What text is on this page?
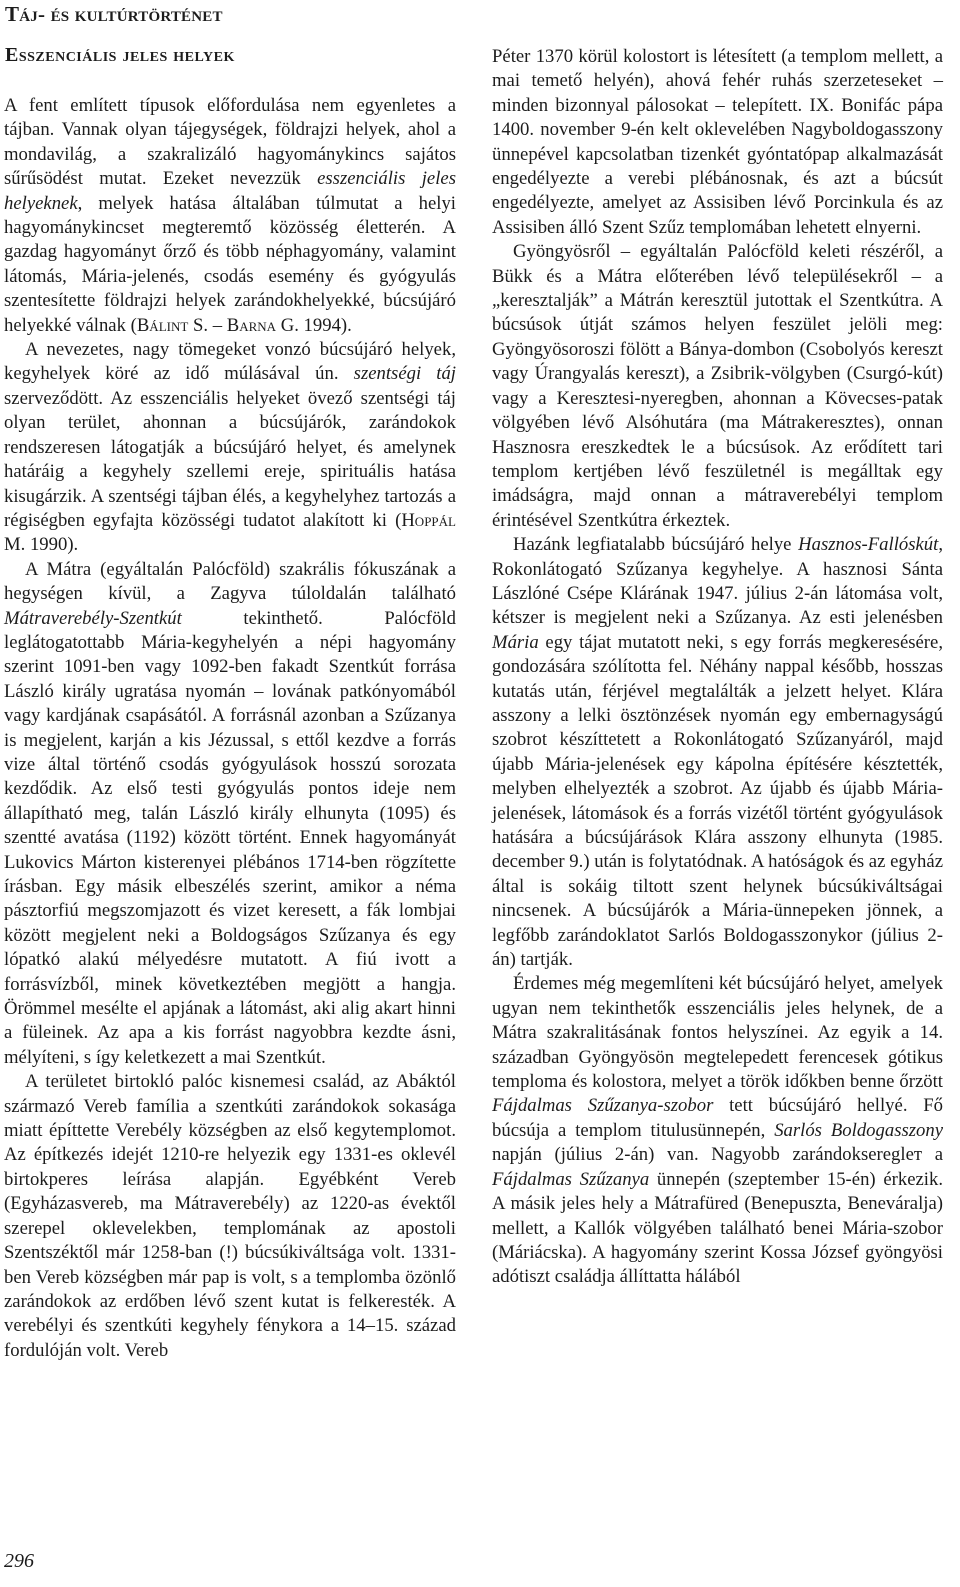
Táj- és kultúrtörténet
Esszenciális jeles helyek

A fent említett típusok előfordulása nem egyenletes a tájban. Vannak olyan tájegységek, földrajzi helyek, ahol a mondavilág, a szakralizáló hagyománykincs sajátos sűrűsödést mutat. Ezeket nevezzük esszenciális jeles helyeknek, melyek hatása általában túlmutat a helyi hagyománykincset megteremtő közösség életterén. A gazdag hagyományt őrző és több néphagyomány, valamint látomás, Mária-jelenés, csodás esemény és gyógyulás szentesítette földrajzi helyek zarándokhelyekké, búcsújáró helyekké válnak (Bálint S. – Barna G. 1994).

A nevezetes, nagy tömegeket vonzó búcsújáró helyek, kegyhelyek köré az idő múlásával ún. szentségi táj szerveződött. Az esszenciális helyeket övező szentségi táj olyan terület, ahonnan a búcsújárók, zarándokok rendszeresen látogatják a búcsújáró helyet, és amelynek határáig a kegyhely szellemi ereje, spirituális hatása kisugárzik. A szentségi tájban élés, a kegyhelyhez tartozás a régiségben egyfajta közösségi tudatot alakított ki (Hoppál M. 1990).

A Mátra (egyáltalán Palócföld) szakrális fókuszának a hegységen kívül, a Zagyva túloldalán található Mátraverebély-Szentkút tekinthető. Palócföld leglátogatottabb Mária-kegyhelyén a népi hagyomány szerint 1091-ben vagy 1092-ben fakadt Szentkút forrása László király ugratása nyomán – lovának patkónyomából vagy kardjának csapásától. A forrásnál azonban a Szűzanya is megjelent, karján a kis Jézussal, s ettől kezdve a forrás vize által történő csodás gyógyulások hosszú sorozata kezdődik. Az első testi gyógyulás pontos ideje nem állapítható meg, talán László király elhunyta (1095) és szentté avatása (1192) között történt. Ennek hagyományát Lukovics Márton kisterenyei plébános 1714-ben rögzítette írásban. Egy másik elbeszélés szerint, amikor a néma pásztorfiú megszomjazott és vizet keresett, a fák lombjai között megjelent neki a Boldogságos Szűzanya és egy lópatkó alakú mélyedésre mutatott. A fiú ivott a forrásvízből, minek következtében megjött a hangja. Örömmel mesélte el apjának a látomást, aki alig akart hinni a füleinek. Az apa a kis forrást nagyobbra kezdte ásni, mélyíteni, s így keletkezett a mai Szentkút.

A területet birtokló palóc kisnemesi család, az Abáktól származó Vereb família a szentkúti zarándokok sokasága miatt építtette Verebély községben az első kegytemplomot. Az építkezés idejét 1210-re helyezik egy 1331-es oklevél birtokperes leírása alapján. Egyébként Vereb (Egyházasvereb, ma Mátraverebély) az 1220-as évektől szerepel oklevelekben, templomának az apostoli Szentszéktől már 1258-ban (!) búcsúkiváltsága volt. 1331-ben Vereb községben már pap is volt, s a templomba özönlő zarándokok az erdőben lévő szent kutat is felkeresték. A verebélyi és szentkúti kegyhely fénykora a 14–15. század fordulóján volt. Vereb

Péter 1370 körül kolostort is létesített (a templom mellett, a mai temető helyén), ahová fehér ruhás szerzeteseket – minden bizonnyal pálosokat – telepített. IX. Bonifác pápa 1400. november 9-én kelt oklevelében Nagyboldogasszony ünnepével kapcsolatban tizenkét gyóntatópap alkalmazását engedélyezte a verebi plébánosnak, és azt a búcsút engedélyezte, amelyet az Assisiben lévő Porcinkula és az Assisiben álló Szent Szűz templomában lehetett elnyerni.

Gyöngyösről – egyáltalán Palócföld keleti részéről, a Bükk és a Mátra előterében lévő településekről – a „keresztalják” a Mátrán keresztül jutottak el Szentkútra. A búcsúsok útját számos helyen feszület jelöli meg: Gyöngyösoroszi fölött a Bánya-dombon (Csobolyós kereszt vagy Úrangyalás kereszt), a Zsibrik-völgyben (Csurgó-kút) vagy a Keresztesi-nyeregben, ahonnan a Kövecses-patak völgyében lévő Alsóhutára (ma Mátrakeresztes), onnan Hasznosra ereszkedtek le a búcsúsok. Az erődített tari templom kertjében lévő feszületnél is megálltak egy imádságra, majd onnan a mátraverebélyi templom érintésével Szentkútra érkeztek.

Hazánk legfiatalabb búcsújáró helye Hasznos-Fallóskút, Rokonlátogató Szűzanya kegyhelye. A hasznosi Sánta Lászlóné Csépe Klárának 1947. július 2-án látomása volt, kétszer is megjelent neki a Szűzanya. Az esti jelenésben Mária egy tájat mutatott neki, s egy forrás megkeresésére, gondozására szólította fel. Néhány nappal később, hosszas kutatás után, férjével megtalálták a jelzett helyet. Klára asszony a lelki ösztönzések nyomán egy embernagyságú szobrot készíttetett a Rokonlátogató Szűzanyáról, majd újabb Mária-jelenések egy kápolna építésére késztették, melyben elhelyezték a szobrot. Az újabb és újabb Mária-jelenések, látomások és a forrás vizétől történt gyógyulások hatására a búcsújárások Klára asszony elhunyta (1985. december 9.) után is folytatódnak. A hatóságok és az egyház által is sokáig tiltott szent helynek búcsúkiváltságai nincsenek. A búcsújárók a Mária-ünnepeken jönnek, a legfőbb zarándoklatot Sarlós Boldogasszonykor (július 2-án) tartják.

Érdemes még megemlíteni két búcsújáró helyet, amelyek ugyan nem tekinthetők esszenciális jeles helynek, de a Mátra szakralitásának fontos helyszínei. Az egyik a 14. században Gyöngyösön megtelepedett ferencesek gótikus temploma és kolostora, melyet a török időkben benne őrzött Fájdalmas Szűzanya-szobor tett búcsújáró hellyé. Fő búcsúja a templom titulusünnepén, Sarlós Boldogasszony napján (július 2-án) van. Nagyobb zarándokseregleт a Fájdalmas Szűzanya ünnepén (szeptember 15-én) érkezik. A másik jeles hely a Mátrafüred (Benepuszta, Beneváralja) mellett, a Kallók völgyében található benei Mária-szobor (Máriácska). A hagyomány szerint Kossa József gyöngyösi adótiszt családja állíttatta hálából

296
